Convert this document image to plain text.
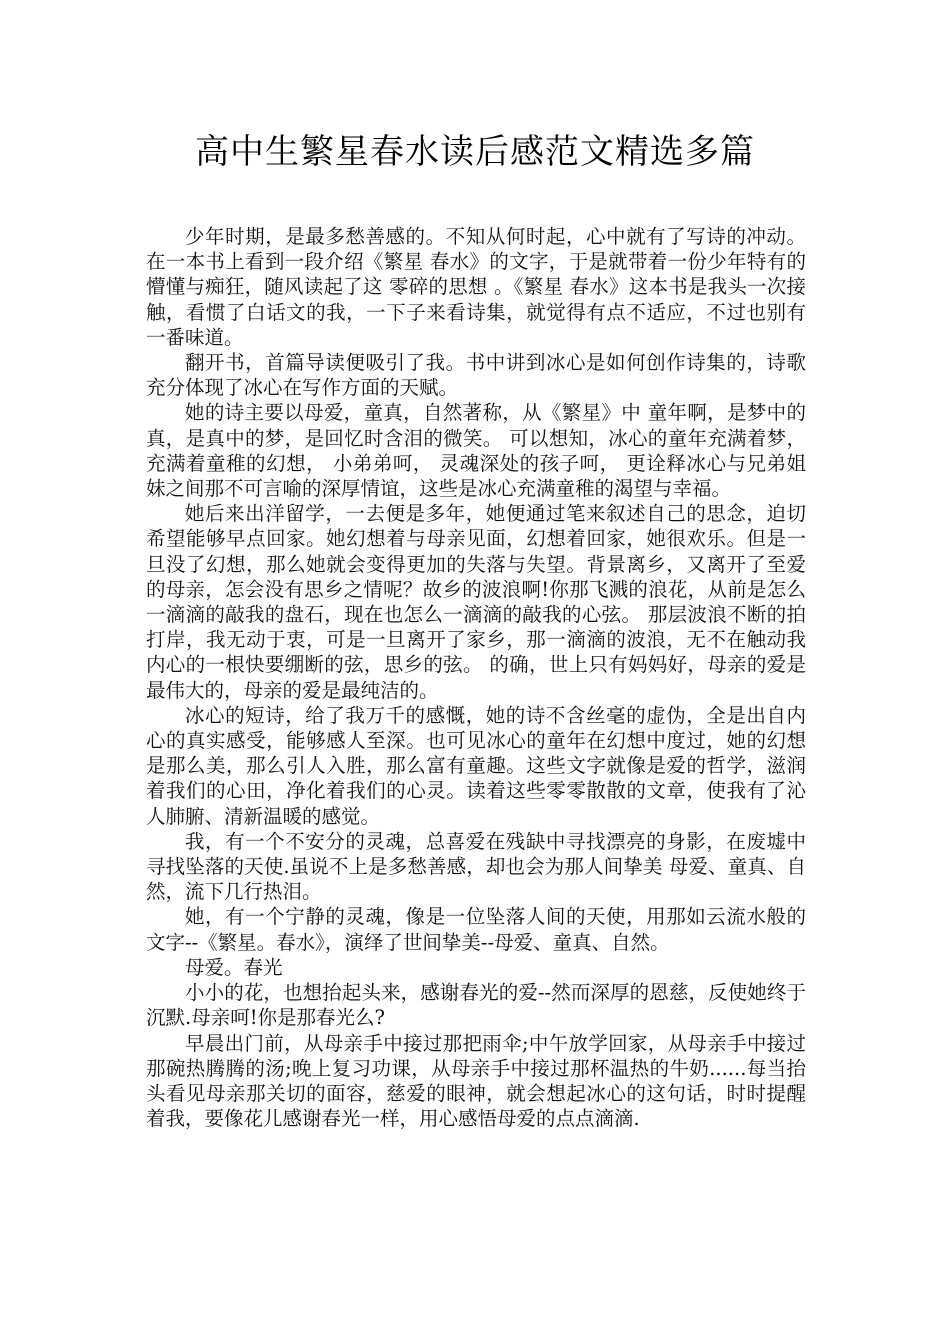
高中生繁星春水读后感范文精选多篇

少年时期，是最多愁善感的。不知从何时起，心中就有了写诗的冲动。在一本书上看到一段介绍《繁星 春水》的文字，于是就带着一份少年特有的懵懂与痴狂，随风读起了这 零碎的思想 。《繁星 春水》这本书是我头一次接触，看惯了白话文的我，一下子来看诗集，就觉得有点不适应，不过也别有一番味道。

翻开书，首篇导读便吸引了我。书中讲到冰心是如何创作诗集的，诗歌充分体现了冰心在写作方面的天赋。

她的诗主要以母爱，童真，自然著称，从《繁星》中 童年啊，是梦中的真，是真中的梦，是回忆时含泪的微笑。 可以想知，冰心的童年充满着梦，充满着童稚的幻想， 小弟弟呵， 灵魂深处的孩子呵， 更诠释冰心与兄弟姐妹之间那不可言喻的深厚情谊，这些是冰心充满童稚的渴望与幸福。

她后来出洋留学，一去便是多年，她便通过笔来叙述自己的思念，迫切希望能够早点回家。她幻想着与母亲见面，幻想着回家，她很欢乐。但是一旦没了幻想，那么她就会变得更加的失落与失望。背景离乡，又离开了至爱的母亲，怎会没有思乡之情呢？故乡的波浪啊!你那飞溅的浪花，从前是怎么一滴滴的敲我的盘石，现在也怎么一滴滴的敲我的心弦。 那层波浪不断的拍打岸，我无动于衷，可是一旦离开了家乡，那一滴滴的波浪，无不在触动我内心的一根快要绷断的弦，思乡的弦。 的确，世上只有妈妈好，母亲的爱是最伟大的，母亲的爱是最纯洁的。

冰心的短诗，给了我万千的感慨，她的诗不含丝毫的虚伪，全是出自内心的真实感受，能够感人至深。也可见冰心的童年在幻想中度过，她的幻想是那么美，那么引人入胜，那么富有童趣。这些文字就像是爱的哲学，滋润着我们的心田，净化着我们的心灵。读着这些零零散散的文章，使我有了沁人肺腑、清新温暖的感觉。

我，有一个不安分的灵魂，总喜爱在残缺中寻找漂亮的身影，在废墟中寻找坠落的天使.虽说不上是多愁善感，却也会为那人间挚美 母爱、童真、自然，流下几行热泪。

她，有一个宁静的灵魂，像是一位坠落人间的天使，用那如云流水般的文字--《繁星。春水》，演绎了世间挚美--母爱、童真、自然。

母爱。春光

小小的花，也想抬起头来，感谢春光的爱--然而深厚的恩慈，反使她终于沉默.母亲呵!你是那春光么?

早晨出门前，从母亲手中接过那把雨伞;中午放学回家，从母亲手中接过那碗热腾腾的汤;晚上复习功课，从母亲手中接过那杯温热的牛奶......每当抬头看见母亲那关切的面容，慈爱的眼神，就会想起冰心的这句话，时时提醒着我，要像花儿感谢春光一样，用心感悟母爱的点点滴滴.
